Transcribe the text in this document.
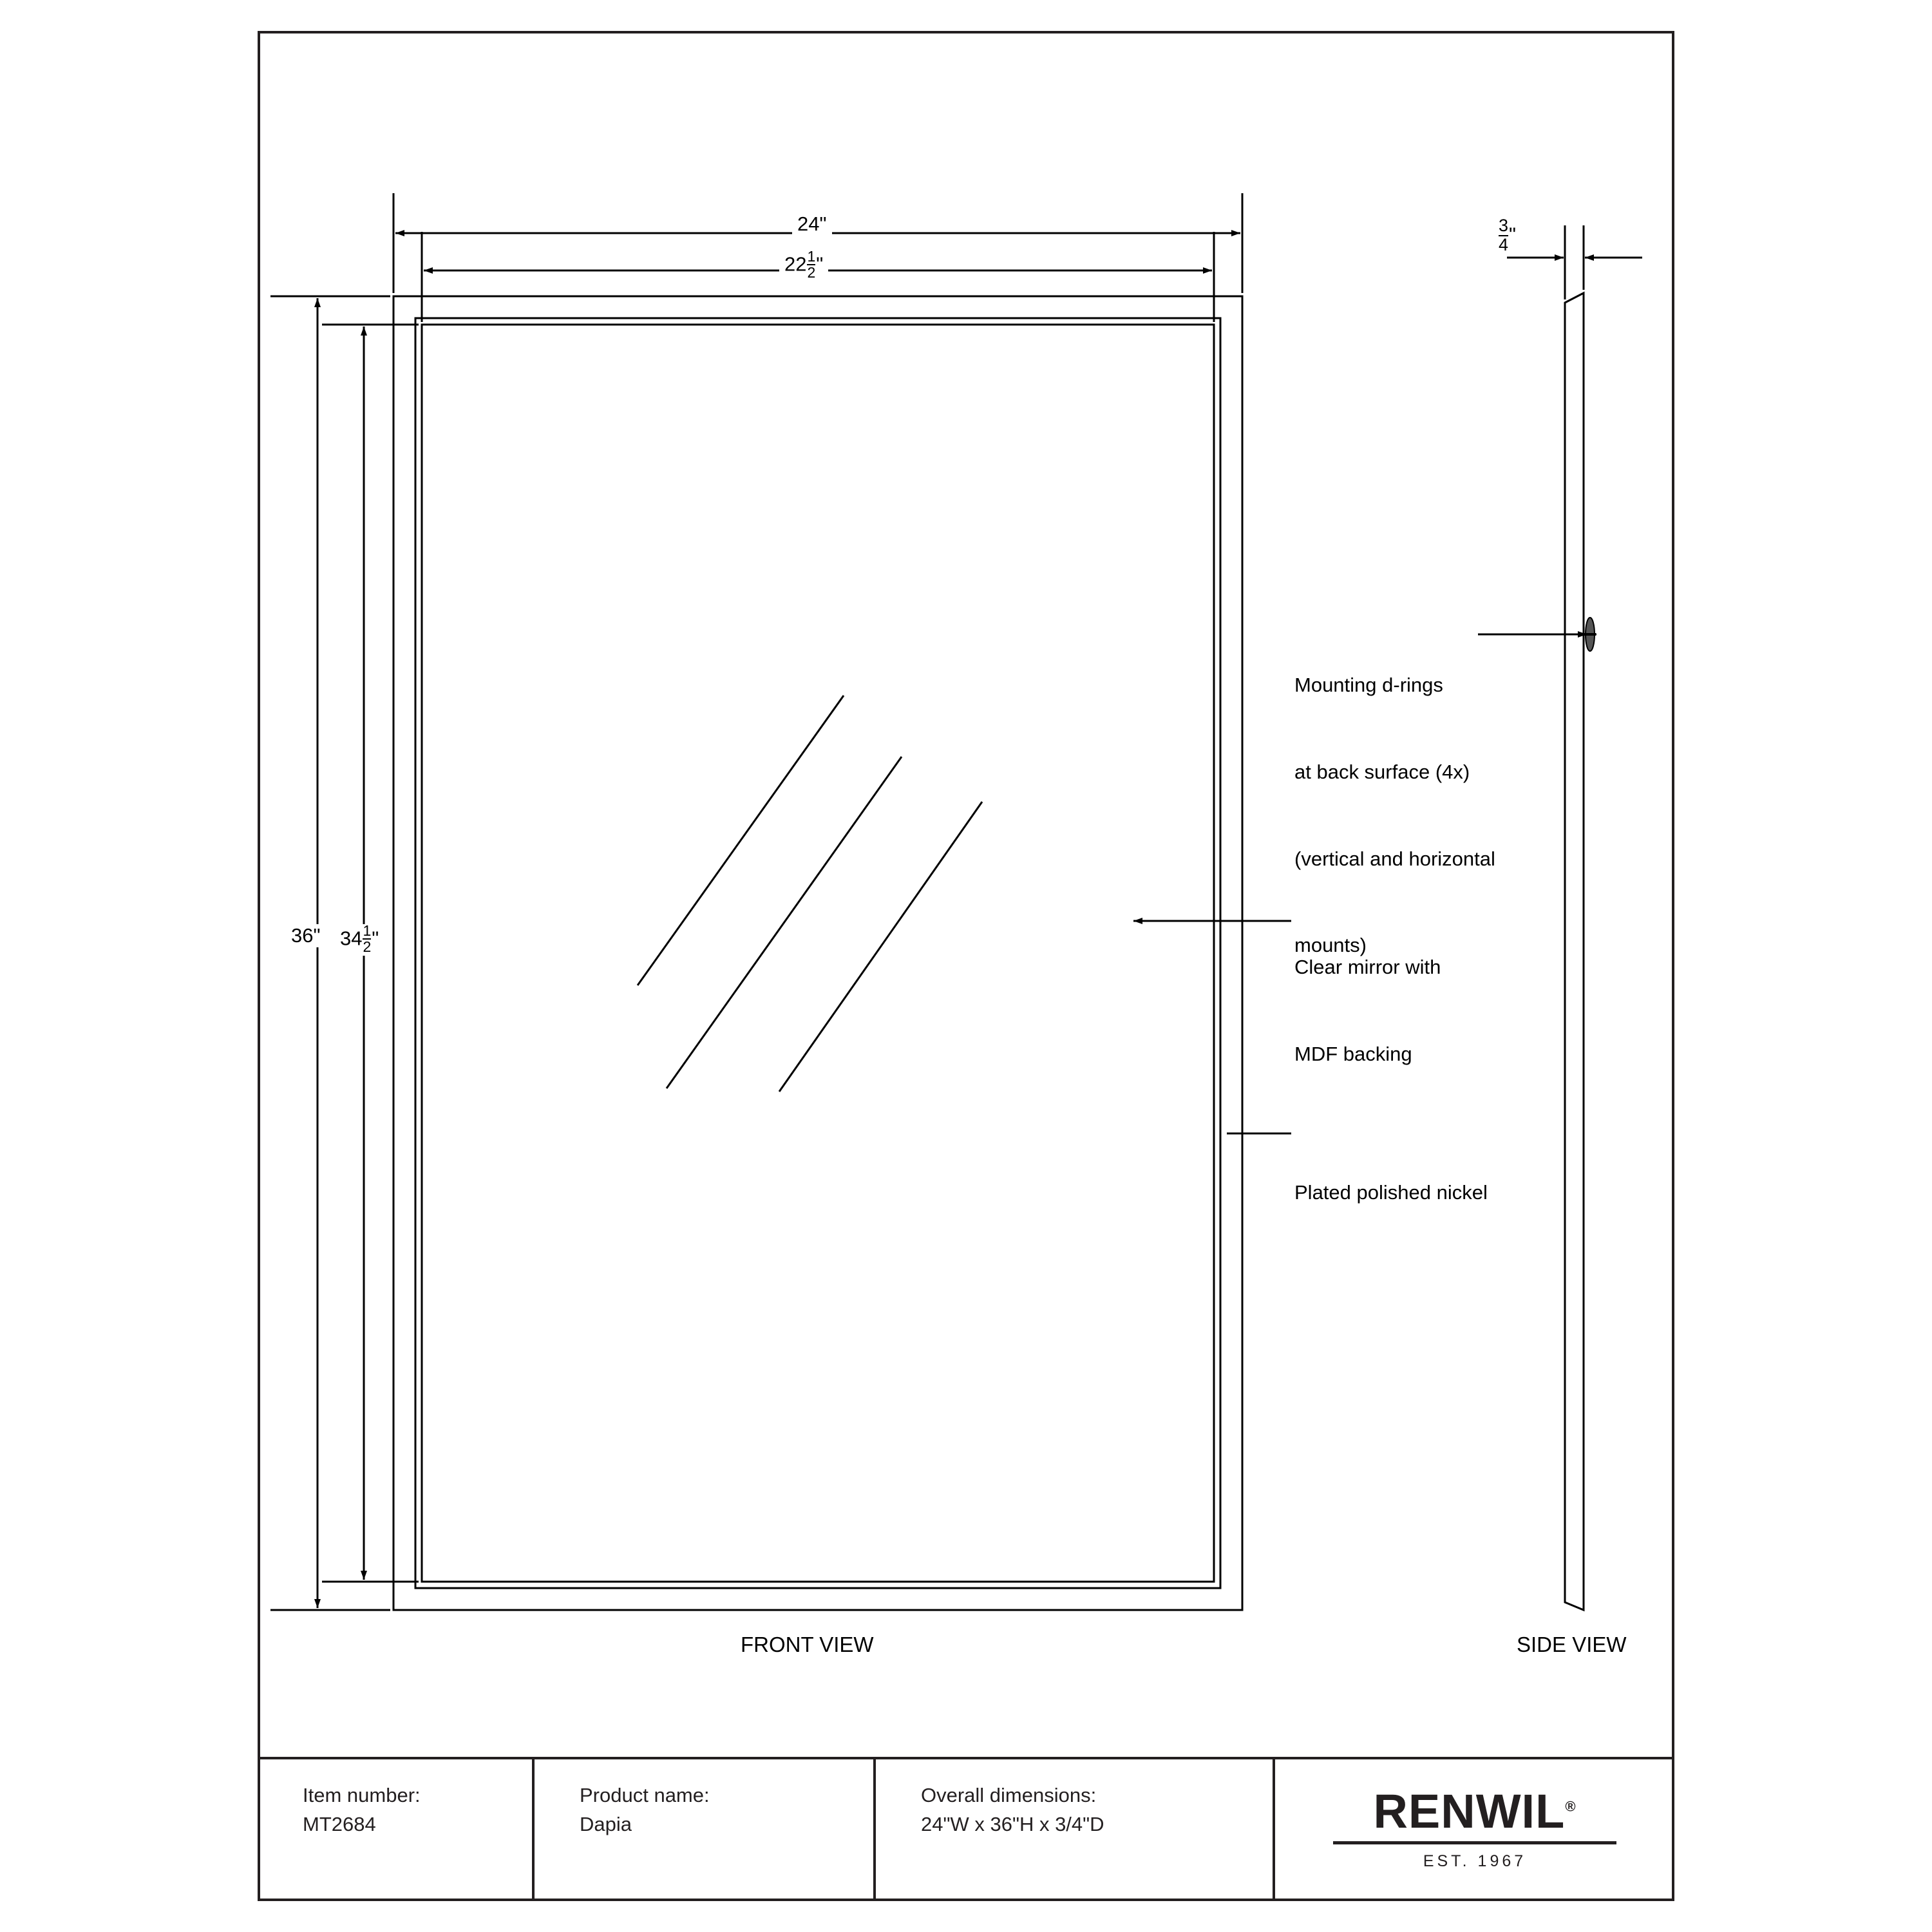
24"
$22 \frac{1}{2}$ "
36" $34 \frac{1}{2}$ "
$\frac{3}{4}$ "

Mounting d-rings

at back surface (4x)

(vertical and horizontal

mounts)

Clear mirror with

MDF backing

Plated polished nickel

FRONT VIEW	SIDE VIEW
Item number:
MT2684
Product name:
Dapia
Overall dimensions:
24"W x 36"H x 3/4"D	RENWIL®
EST. 1967
